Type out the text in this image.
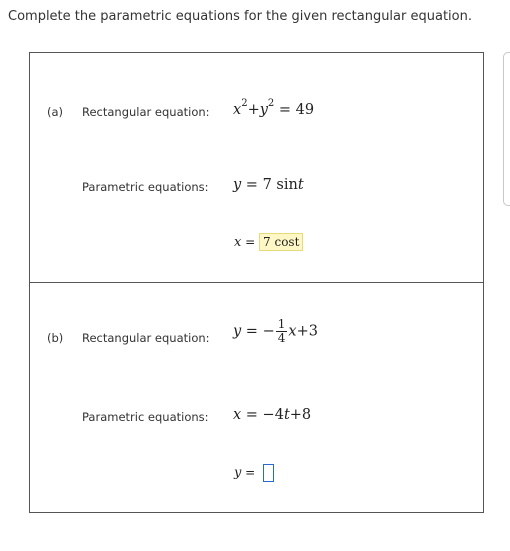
Complete the parametric equations for the given rectangular equation.
(a) Rectangular equation: $x^2+y^2 = 49$
Parametric equations: y = 7 sint
x = 7 cost
(b) Rectangular equation: y = − $\frac{1}{4} x+3$
Parametric equations: x = −4t+8
y =
